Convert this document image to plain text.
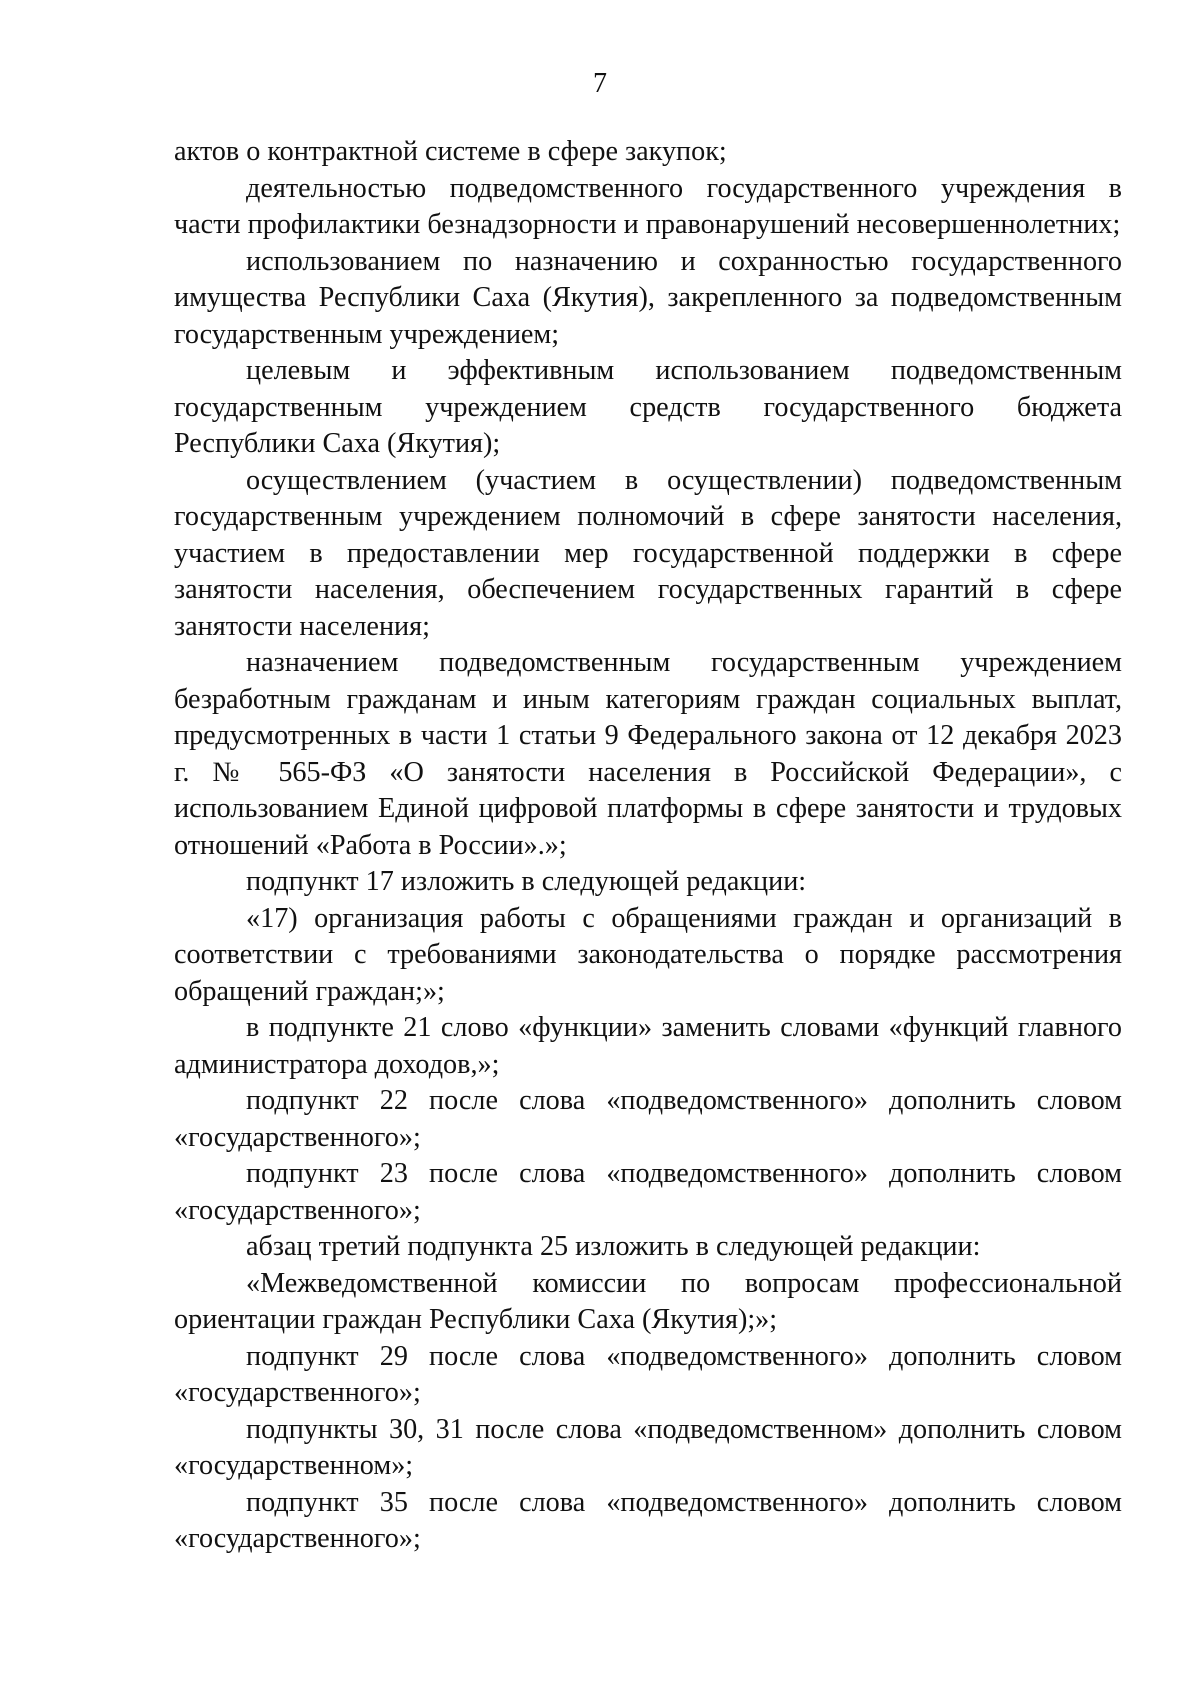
7

актов о контрактной системе в сфере закупок;

деятельностью подведомственного государственного учреждения в части профилактики безнадзорности и правонарушений несовершеннолетних;

использованием по назначению и сохранностью государственного имущества Республики Саха (Якутия), закрепленного за подведомственным государственным учреждением;

целевым и эффективным использованием подведомственным государственным учреждением средств государственного бюджета Республики Саха (Якутия);

осуществлением (участием в осуществлении) подведомственным государственным учреждением полномочий в сфере занятости населения, участием в предоставлении мер государственной поддержки в сфере занятости населения, обеспечением государственных гарантий в сфере занятости населения;

назначением подведомственным государственным учреждением безработным гражданам и иным категориям граждан социальных выплат, предусмотренных в части 1 статьи 9 Федерального закона от 12 декабря 2023 г. № 565-ФЗ «О занятости населения в Российской Федерации», с использованием Единой цифровой платформы в сфере занятости и трудовых отношений «Работа в России».»;

подпункт 17 изложить в следующей редакции:

«17) организация работы с обращениями граждан и организаций в соответствии с требованиями законодательства о порядке рассмотрения обращений граждан;»;

в подпункте 21 слово «функции» заменить словами «функций главного администратора доходов,»;

подпункт 22 после слова «подведомственного» дополнить словом «государственного»;

подпункт 23 после слова «подведомственного» дополнить словом «государственного»;

абзац третий подпункта 25 изложить в следующей редакции:

«Межведомственной комиссии по вопросам профессиональной ориентации граждан Республики Саха (Якутия);»;

подпункт 29 после слова «подведомственного» дополнить словом «государственного»;

подпункты 30, 31 после слова «подведомственном» дополнить словом «государственном»;

подпункт 35 после слова «подведомственного» дополнить словом «государственного»;
